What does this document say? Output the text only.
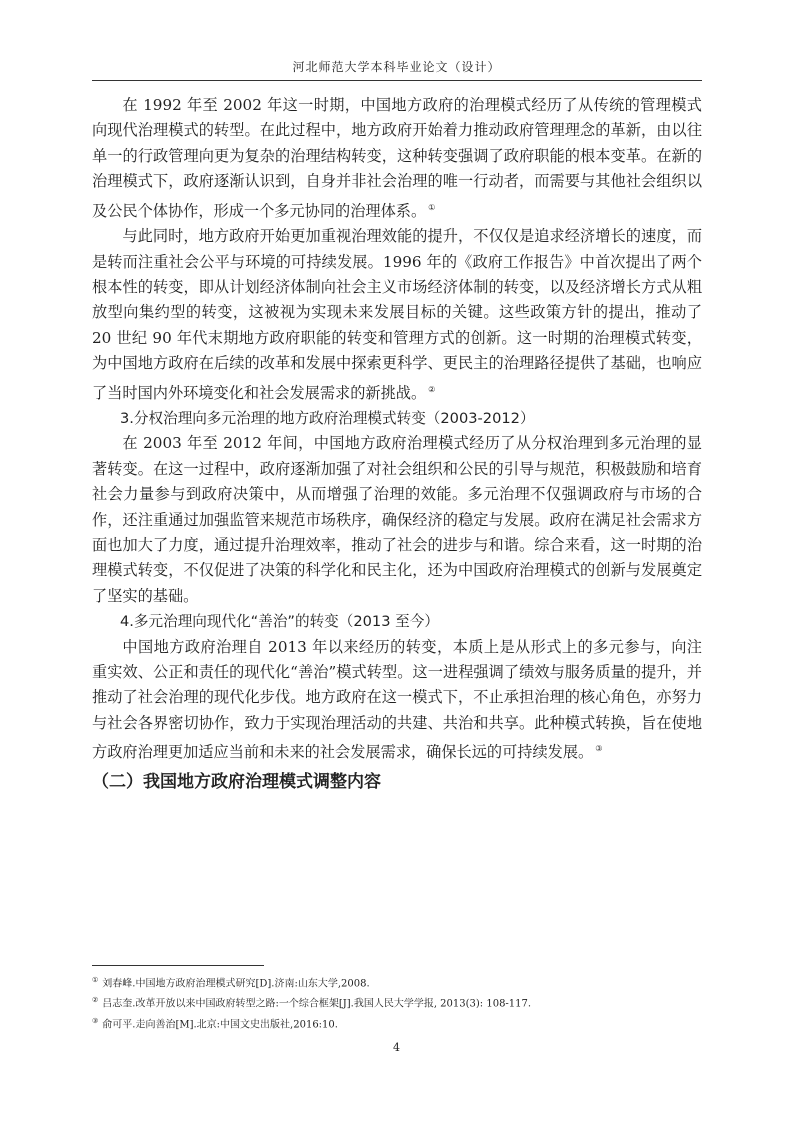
河北师范大学本科毕业论文（设计）

在 1992 年至 2002 年这一时期，中国地方政府的治理模式经历了从传统的管理模式向现代治理模式的转型。在此过程中，地方政府开始着力推动政府管理理念的革新，由以往单一的行政管理向更为复杂的治理结构转变，这种转变强调了政府职能的根本变革。在新的治理模式下，政府逐渐认识到，自身并非社会治理的唯一行动者，而需要与其他社会组织以及公民个体协作，形成一个多元协同的治理体系。 ①

与此同时，地方政府开始更加重视治理效能的提升，不仅仅是追求经济增长的速度，而是转而注重社会公平与环境的可持续发展。1996 年的《政府工作报告》中首次提出了两个根本性的转变，即从计划经济体制向社会主义市场经济体制的转变，以及经济增长方式从粗放型向集约型的转变，这被视为实现未来发展目标的关键。这些政策方针的提出，推动了 20 世纪 90 年代末期地方政府职能的转变和管理方式的创新。这一时期的治理模式转变，为中国地方政府在后续的改革和发展中探索更科学、更民主的治理路径提供了基础，也响应了当时国内外环境变化和社会发展需求的新挑战。 ②

3.分权治理向多元治理的地方政府治理模式转变（2003-2012）

在 2003 年至 2012 年间，中国地方政府治理模式经历了从分权治理到多元治理的显著转变。在这一过程中，政府逐渐加强了对社会组织和公民的引导与规范，积极鼓励和培育社会力量参与到政府决策中，从而增强了治理的效能。多元治理不仅强调政府与市场的合作，还注重通过加强监管来规范市场秩序，确保经济的稳定与发展。政府在满足社会需求方面也加大了力度，通过提升治理效率，推动了社会的进步与和谐。综合来看，这一时期的治理模式转变，不仅促进了决策的科学化和民主化，还为中国政府治理模式的创新与发展奠定了坚实的基础。

4.多元治理向现代化“善治”的转变（2013 至今）

中国地方政府治理自 2013 年以来经历的转变，本质上是从形式上的多元参与，向注重实效、公正和责任的现代化“善治”模式转型。这一进程强调了绩效与服务质量的提升，并推动了社会治理的现代化步伐。地方政府在这一模式下，不止承担治理的核心角色，亦努力与社会各界密切协作，致力于实现治理活动的共建、共治和共享。此种模式转换，旨在使地方政府治理更加适应当前和未来的社会发展需求，确保长远的可持续发展。 ③

（二）我国地方政府治理模式调整内容
① 刘春峰.中国地方政府治理模式研究[D].济南:山东大学,2008.
② 吕志奎.改革开放以来中国政府转型之路:一个综合框架[J].我国人民大学学报, 2013(3): 108-117.
③ 俞可平.走向善治[M].北京:中国文史出版社,2016:10.
4
